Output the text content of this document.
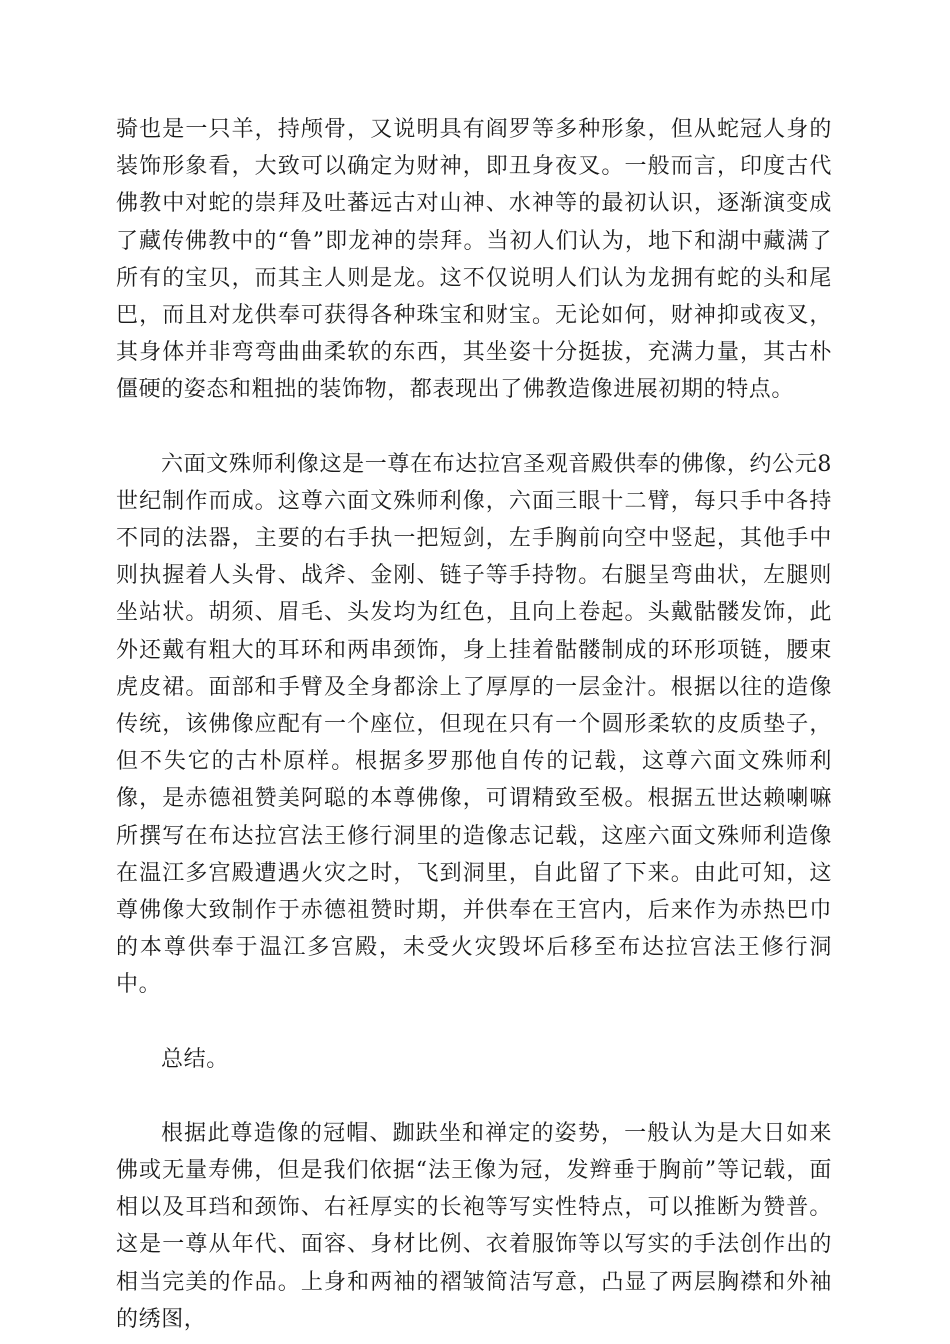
骑也是一只羊，持颅骨，又说明具有阎罗等多种形象，但从蛇冠人身的装饰形象看，大致可以确定为财神，即丑身夜叉。一般而言，印度古代佛教中对蛇的崇拜及吐蕃远古对山神、水神等的最初认识，逐渐演变成了藏传佛教中的“鲁”即龙神的崇拜。当初人们认为，地下和湖中藏满了所有的宝贝，而其主人则是龙。这不仅说明人们认为龙拥有蛇的头和尾巴，而且对龙供奉可获得各种珠宝和财宝。无论如何，财神抑或夜叉，其身体并非弯弯曲曲柔软的东西，其坐姿十分挺拔，充满力量，其古朴僵硬的姿态和粗拙的装饰物，都表现出了佛教造像进展初期的特点。

六面文殊师利像这是一尊在布达拉宫圣观音殿供奉的佛像，约公元8世纪制作而成。这尊六面文殊师利像，六面三眼十二臂，每只手中各持不同的法器，主要的右手执一把短剑，左手胸前向空中竖起，其他手中则执握着人头骨、战斧、金刚、链子等手持物。右腿呈弯曲状，左腿则坐站状。胡须、眉毛、头发均为红色，且向上卷起。头戴骷髅发饰，此外还戴有粗大的耳环和两串颈饰，身上挂着骷髅制成的环形项链，腰束虎皮裙。面部和手臂及全身都涂上了厚厚的一层金汁。根据以往的造像传统，该佛像应配有一个座位，但现在只有一个圆形柔软的皮质垫子，但不失它的古朴原样。根据多罗那他自传的记载，这尊六面文殊师利像，是赤德祖赞美阿聪的本尊佛像，可谓精致至极。根据五世达赖喇嘛所撰写在布达拉宫法王修行洞里的造像志记载，这座六面文殊师利造像在温江多宫殿遭遇火灾之时，飞到洞里，自此留了下来。由此可知，这尊佛像大致制作于赤德祖赞时期，并供奉在王宫内，后来作为赤热巴巾的本尊供奉于温江多宫殿，未受火灾毁坏后移至布达拉宫法王修行洞中。

总结。

根据此尊造像的冠帽、跏趺坐和禅定的姿势，一般认为是大日如来佛或无量寿佛，但是我们依据“法王像为冠，发辫垂于胸前”等记载，面相以及耳珰和颈饰、右衽厚实的长袍等写实性特点，可以推断为赞普。这是一尊从年代、面容、身材比例、衣着服饰等以写实的手法创作出的相当完美的作品。上身和两袖的褶皱简洁写意，凸显了两层胸襟和外袖的绣图，
